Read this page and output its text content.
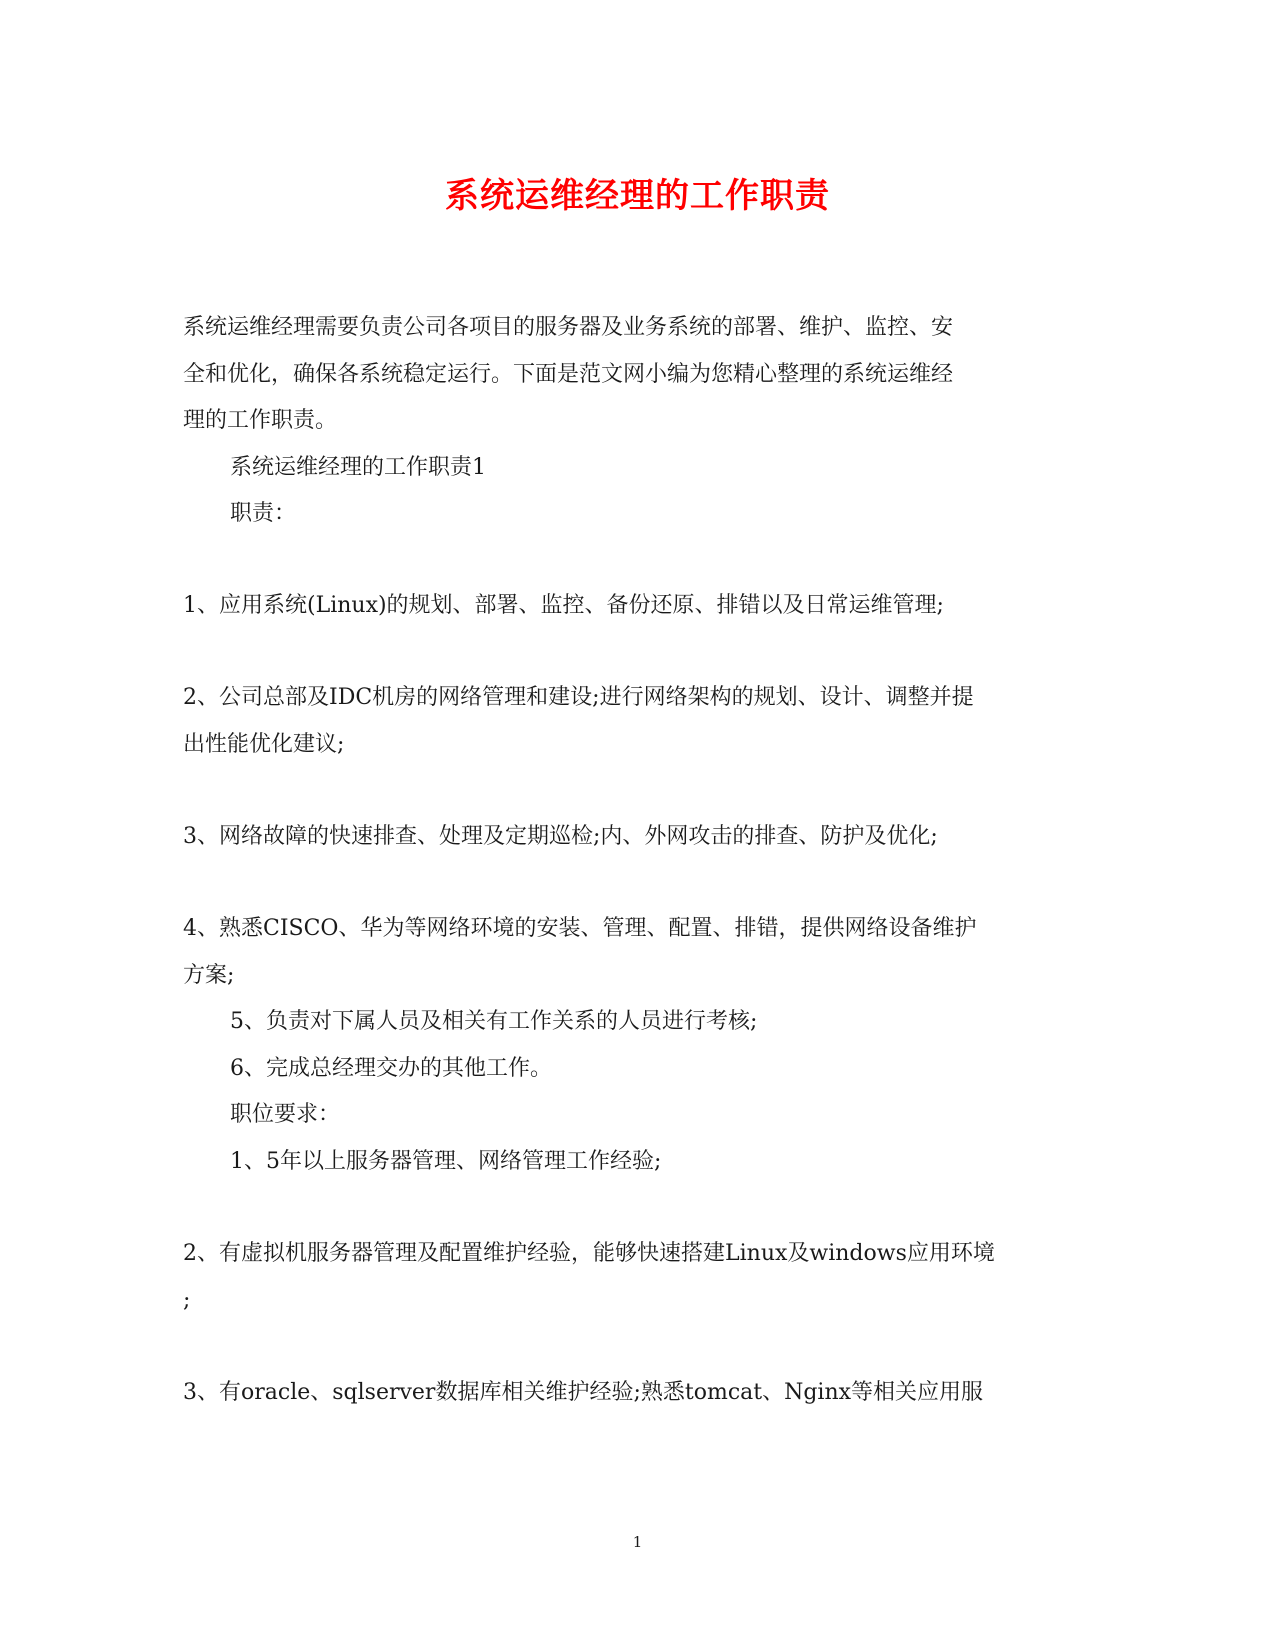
系统运维经理的工作职责
系统运维经理需要负责公司各项目的服务器及业务系统的部署、维护、监控、安
全和优化，确保各系统稳定运行。下面是范文网小编为您精心整理的系统运维经
理的工作职责。
系统运维经理的工作职责1
职责：
1、应用系统(Linux)的规划、部署、监控、备份还原、排错以及日常运维管理;
2、公司总部及IDC机房的网络管理和建设;进行网络架构的规划、设计、调整并提
出性能优化建议;
3、网络故障的快速排查、处理及定期巡检;内、外网攻击的排查、防护及优化;
4、熟悉CISCO、华为等网络环境的安装、管理、配置、排错，提供网络设备维护
方案;
5、负责对下属人员及相关有工作关系的人员进行考核;
6、完成总经理交办的其他工作。
职位要求：
1、5年以上服务器管理、网络管理工作经验;
2、有虚拟机服务器管理及配置维护经验，能够快速搭建Linux及windows应用环境
;
3、有oracle、sqlserver数据库相关维护经验;熟悉tomcat、Nginx等相关应用服
1
